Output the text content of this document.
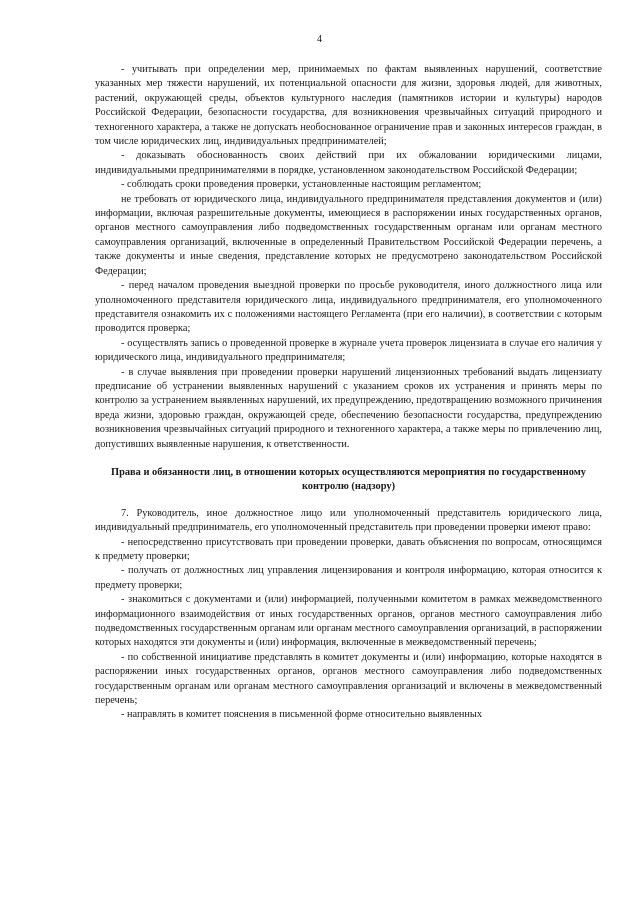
4

- учитывать при определении мер, принимаемых по фактам выявленных нарушений, соответствие указанных мер тяжести нарушений, их потенциальной опасности для жизни, здоровья людей, для животных, растений, окружающей среды, объектов культурного наследия (памятников истории и культуры) народов Российской Федерации, безопасности государства, для возникновения чрезвычайных ситуаций природного и техногенного характера, а также не допускать необоснованное ограничение прав и законных интересов граждан, в том числе юридических лиц, индивидуальных предпринимателей;

- доказывать обоснованность своих действий при их обжаловании юридическими лицами, индивидуальными предпринимателями в порядке, установленном законодательством Российской Федерации;

- соблюдать сроки проведения проверки, установленные настоящим регламентом;

не требовать от юридического лица, индивидуального предпринимателя представления документов и (или) информации, включая разрешительные документы, имеющиеся в распоряжении иных государственных органов, органов местного самоуправления либо подведомственных государственным органам или органам местного самоуправления организаций, включенные в определенный Правительством Российской Федерации перечень, а также документы и иные сведения, представление которых не предусмотрено законодательством Российской Федерации;

- перед началом проведения выездной проверки по просьбе руководителя, иного должностного лица или уполномоченного представителя юридического лица, индивидуального предпринимателя, его уполномоченного представителя ознакомить их с положениями настоящего Регламента (при его наличии), в соответствии с которым проводится проверка;

- осуществлять запись о проведенной проверке в журнале учета проверок лицензиата в случае его наличия у юридического лица, индивидуального предпринимателя;

- в случае выявления при проведении проверки нарушений лицензионных требований выдать лицензиату предписание об устранении выявленных нарушений с указанием сроков их устранения и принять меры по контролю за устранением выявленных нарушений, их предупреждению, предотвращению возможного причинения вреда жизни, здоровью граждан, окружающей среде, обеспечению безопасности государства, предупреждению возникновения чрезвычайных ситуаций природного и техногенного характера, а также меры по привлечению лиц, допустивших выявленные нарушения, к ответственности.

Права и обязанности лиц, в отношении которых осуществляются мероприятия по государственному контролю (надзору)

7. Руководитель, иное должностное лицо или уполномоченный представитель юридического лица, индивидуальный предприниматель, его уполномоченный представитель при проведении проверки имеют право:

- непосредственно присутствовать при проведении проверки, давать объяснения по вопросам, относящимся к предмету проверки;

- получать от должностных лиц управления лицензирования и контроля информацию, которая относится к предмету проверки;

- знакомиться с документами и (или) информацией, полученными комитетом в рамках межведомственного информационного взаимодействия от иных государственных органов, органов местного самоуправления либо подведомственных государственным органам или органам местного самоуправления организаций, в распоряжении которых находятся эти документы и (или) информация, включенные в межведомственный перечень;

- по собственной инициативе представлять в комитет документы и (или) информацию, которые находятся в распоряжении иных государственных органов, органов местного самоуправления либо подведомственных государственным органам или органам местного самоуправления организаций и включены в межведомственный перечень;

- направлять в комитет пояснения в письменной форме относительно выявленных
